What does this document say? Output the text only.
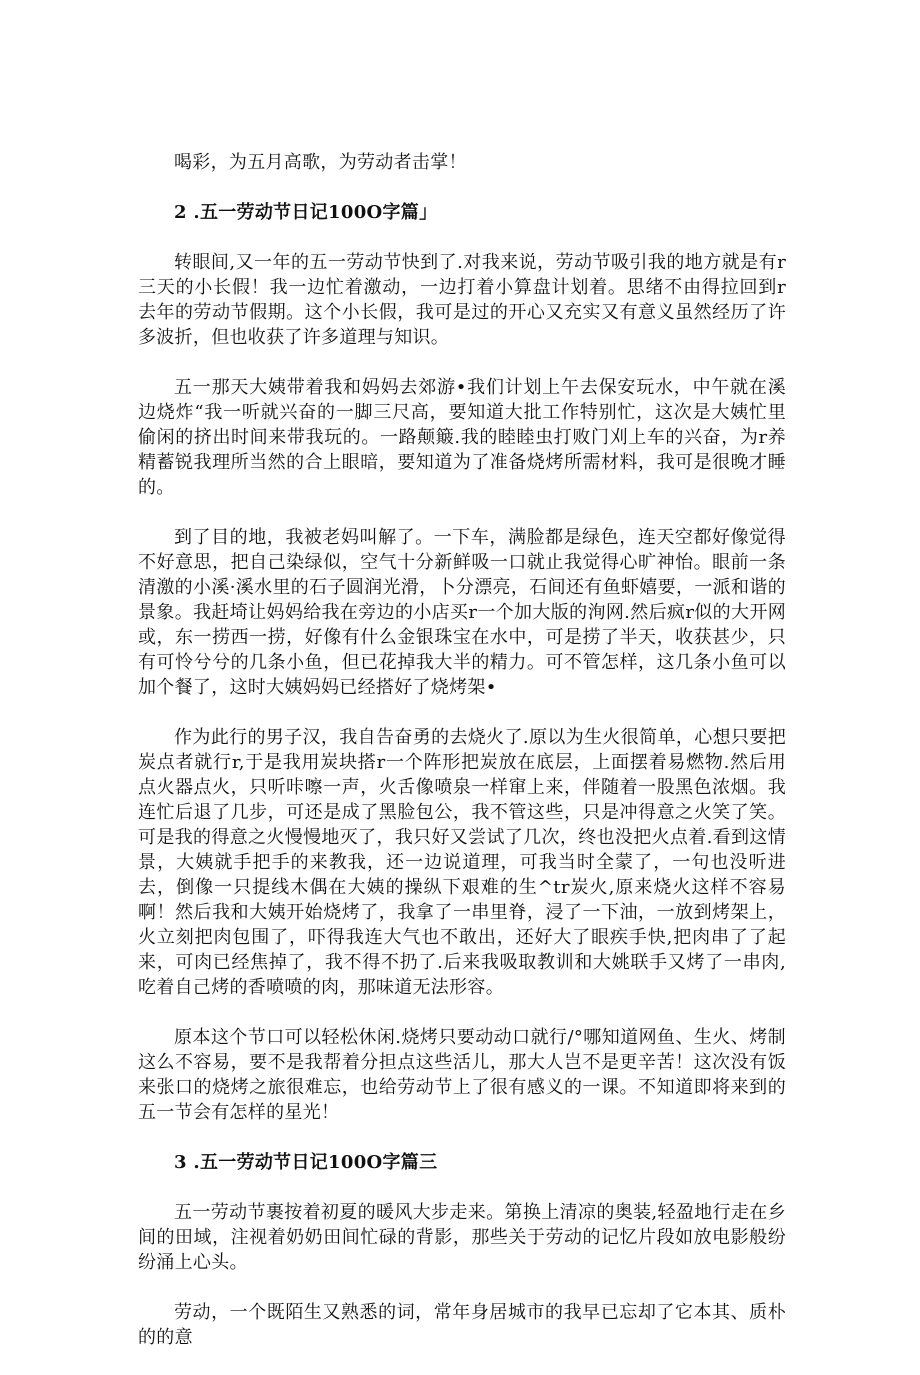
喝彩，为五月高歌，为劳动者击掌！

2 .五一劳动节日记100O字篇」

转眼间,又一年的五一劳动节快到了.对我来说，劳动节吸引我的地方就是有r三天的小长假！我一边忙着激动，一边打着小算盘计划着。思绪不由得拉回到r去年的劳动节假期。这个小长假，我可是过的开心又充实又有意义虽然经历了许多波折，但也收获了许多道理与知识。

五一那天大姨带着我和妈妈去郊游•我们计划上午去保安玩水，中午就在溪边烧炸“我一听就兴奋的一脚三尺高，要知道大批工作特别忙，这次是大姨忙里偷闲的挤出时间来带我玩的。一路颠簸.我的睦睦虫打败门刈上车的兴奋，为r养精蓄锐我理所当然的合上眼暗，要知道为了准备烧烤所需材料，我可是很晚才睡的。

到了目的地，我被老妈叫解了。一下车，满脸都是绿色，连天空都好像觉得不好意思，把自己染绿似，空气十分新鲜吸一口就止我觉得心旷神怡。眼前一条清激的小溪·溪水里的石子圆润光滑，卜分漂亮，石间还有鱼虾嬉要，一派和谐的景象。我赶埼让妈妈给我在旁边的小店买r一个加大版的洵网.然后疯r似的大开网或，东一捞西一捞，好像有什么金银珠宝在水中，可是捞了半天，收获甚少，只有可怜兮兮的几条小鱼，但已花掉我大半的精力。可不管怎样，这几条小鱼可以加个餐了，这时大姨妈妈已经搭好了烧烤架•

作为此行的男子汉，我自告奋勇的去烧火了.原以为生火很简单，心想只要把炭点者就行r,于是我用炭块搭r一个阵形把炭放在底层，上面摆着易燃物.然后用点火器点火，只听咔嚓一声，火舌像喷泉一样窜上来，伴随着一股黑色浓烟。我连忙后退了几步，可还是成了黑脸包公，我不管这些，只是冲得意之火笑了笑。可是我的得意之火慢慢地灭了，我只好又尝试了几次，终也没把火点着.看到这情景，大姨就手把手的来教我，还一边说道理，可我当时全蒙了，一句也没听进去，倒像一只提线木偶在大姨的操纵下艰难的生^tr炭火,原来烧火这样不容易啊！然后我和大姨开始烧烤了，我拿了一串里脊，浸了一下油，一放到烤架上，火立刻把肉包围了，吓得我连大气也不敢出，还好大了眼疾手快,把肉串了了起来，可肉已经焦掉了，我不得不扔了.后来我吸取教训和大姚联手又烤了一串肉,吃着自己烤的香喷喷的肉，那味道无法形容。

原本这个节口可以轻松休闲.烧烤只要动动口就行/°哪知道网鱼、生火、烤制这么不容易，要不是我帮着分担点这些活儿，那大人岂不是更辛苦！这次没有饭来张口的烧烤之旅很难忘，也给劳动节上了很有感义的一课。不知道即将来到的五一节会有怎样的星光！

3 .五一劳动节日记100O字篇三

五一劳动节裹按着初夏的暖风大步走来。第换上清凉的奥装,轻盈地行走在乡间的田域，注视着奶奶田间忙碌的背影，那些关于劳动的记忆片段如放电影般纷纷涌上心头。

劳动，一个既陌生又熟悉的词，常年身居城市的我早已忘却了它本其、质朴的的意
